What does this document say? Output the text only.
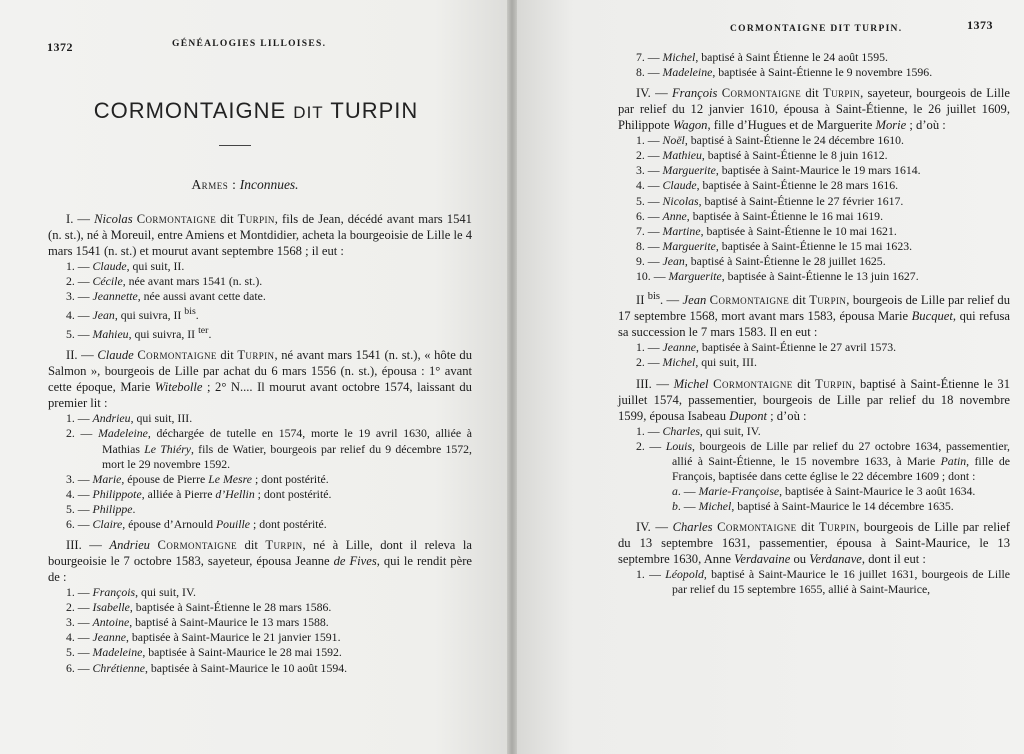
1372	GÉNÉALOGIES LILLOISES.
CORMONTAIGNE DIT TURPIN
Armes : Inconnues.

I. — Nicolas Cormontaigne dit Turpin, fils de Jean, décédé avant mars 1541 (n. st.), né à Moreuil, entre Amiens et Montdidier, acheta la bourgeoisie de Lille le 4 mars 1541 (n. st.) et mourut avant septembre 1568 ; il eut :

1. — Claude, qui suit, II.

2. — Cécile, née avant mars 1541 (n. st.).

3. — Jeannette, née aussi avant cette date.

4. — Jean, qui suivra, II $^{bis}$.

5. — Mahieu, qui suivra, II $^{ter}$.

II. — Claude Cormontaigne dit Turpin, né avant mars 1541 (n. st.), « hôte du Salmon », bourgeois de Lille par achat du 6 mars 1556 (n. st.), épousa : 1° avant cette époque, Marie Witebolle ; 2° N.... Il mourut avant octobre 1574, laissant du premier lit :

1. — Andrieu, qui suit, III.

2. — Madeleine, déchargée de tutelle en 1574, morte le 19 avril 1630, alliée à Mathias Le Thiéry, fils de Watier, bourgeois par relief du 9 décembre 1572, mort le 29 novembre 1592.

3. — Marie, épouse de Pierre Le Mesre ; dont postérité.

4. — Philippote, alliée à Pierre d’Hellin ; dont postérité.

5. — Philippe.

6. — Claire, épouse d’Arnould Pouille ; dont postérité.

III. — Andrieu Cormontaigne dit Turpin, né à Lille, dont il releva la bourgeoisie le 7 octobre 1583, sayeteur, épousa Jeanne de Fives, qui le rendit père de :

1. — François, qui suit, IV.

2. — Isabelle, baptisée à Saint-Étienne le 28 mars 1586.

3. — Antoine, baptisé à Saint-Maurice le 13 mars 1588.

4. — Jeanne, baptisée à Saint-Maurice le 21 janvier 1591.

5. — Madeleine, baptisée à Saint-Maurice le 28 mai 1592.

6. — Chrétienne, baptisée à Saint-Maurice le 10 août 1594.

CORMONTAIGNE DIT TURPIN.	1373

7. — Michel, baptisé à Saint Étienne le 24 août 1595.

8. — Madeleine, baptisée à Saint-Étienne le 9 novembre 1596.

IV. — François Cormontaigne dit Turpin, sayeteur, bourgeois de Lille par relief du 12 janvier 1610, épousa à Saint-Étienne, le 26 juillet 1609, Philippote Wagon, fille d’Hugues et de Marguerite Morie ; d’où :

1. — Noël, baptisé à Saint-Étienne le 24 décembre 1610.

2. — Mathieu, baptisé à Saint-Étienne le 8 juin 1612.

3. — Marguerite, baptisée à Saint-Maurice le 19 mars 1614.

4. — Claude, baptisée à Saint-Étienne le 28 mars 1616.

5. — Nicolas, baptisé à Saint-Étienne le 27 février 1617.

6. — Anne, baptisée à Saint-Étienne le 16 mai 1619.

7. — Martine, baptisée à Saint-Étienne le 10 mai 1621.

8. — Marguerite, baptisée à Saint-Étienne le 15 mai 1623.

9. — Jean, baptisé à Saint-Étienne le 28 juillet 1625.

10. — Marguerite, baptisée à Saint-Étienne le 13 juin 1627.

II $^{bis}$. — Jean Cormontaigne dit Turpin, bourgeois de Lille par relief du 17 septembre 1568, mort avant mars 1583, épousa Marie Bucquet, qui refusa sa succession le 7 mars 1583. Il en eut :

1. — Jeanne, baptisée à Saint-Étienne le 27 avril 1573.

2. — Michel, qui suit, III.

III. — Michel Cormontaigne dit Turpin, baptisé à Saint-Étienne le 31 juillet 1574, passementier, bourgeois de Lille par relief du 18 novembre 1599, épousa Isabeau Dupont ; d’où :

1. — Charles, qui suit, IV.

2. — Louis, bourgeois de Lille par relief du 27 octobre 1634, passementier, allié à Saint-Étienne, le 15 novembre 1633, à Marie Patin, fille de François, baptisée dans cette église le 22 décembre 1609 ; dont :

a. — Marie-Françoise, baptisée à Saint-Maurice le 3 août 1634.

b. — Michel, baptisé à Saint-Maurice le 14 décembre 1635.

IV. — Charles Cormontaigne dit Turpin, bourgeois de Lille par relief du 13 septembre 1631, passementier, épousa à Saint-Maurice, le 13 septembre 1630, Anne Verdavaine ou Verdanave, dont il eut :

1. — Léopold, baptisé à Saint-Maurice le 16 juillet 1631, bourgeois de Lille par relief du 15 septembre 1655, allié à Saint-Maurice,
